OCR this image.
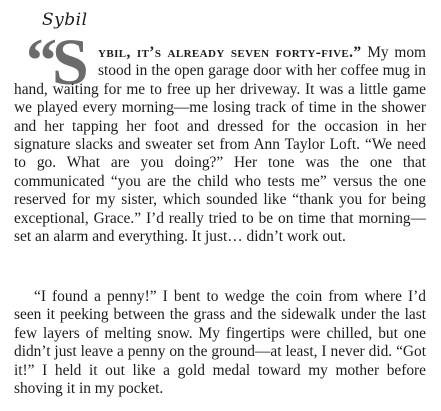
Sybil
“
S ybil, it’s already seven forty-five.” My mom stood in the open garage door with her coffee mug in hand, waiting for me to free up her driveway. It was a little game we played every morning—me losing track of time in the shower and her tapping her foot and dressed for the occasion in her signature slacks and sweater set from Ann Taylor Loft. “We need to go. What are you doing?” Her tone was the one that communicated “you are the child who tests me” versus the one reserved for my sister, which sounded like “thank you for being exceptional, Grace.” I’d really tried to be on time that morning—set an alarm and everything. It just… didn’t work out.
“I found a penny!” I bent to wedge the coin from where I’d seen it peeking between the grass and the sidewalk under the last few layers of melting snow. My fingertips were chilled, but one didn’t just leave a penny on the ground—at least, I never did. “Got it!” I held it out like a gold medal toward my mother before shoving it in my pocket.
